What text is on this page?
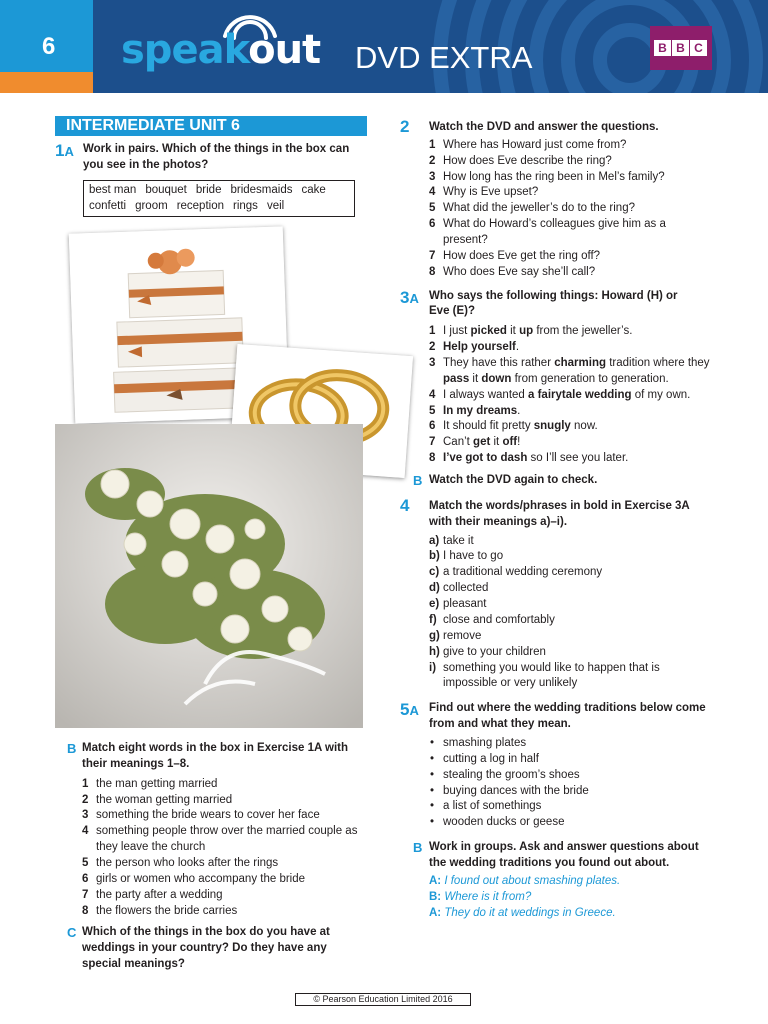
6	speakout DVD EXTRA	B B C
INTERMEDIATE UNIT 6
1A Work in pairs. Which of the things in the box can you see in the photos?
best man bouquet bride bridesmaids cake
confetti groom reception rings veil
B Match eight words in the box in Exercise 1A with their meanings 1–8.
1 the man getting married
2 the woman getting married
3 something the bride wears to cover her face
4 something people throw over the married couple as they leave the church
5 the person who looks after the rings
6 girls or women who accompany the bride
7 the party after a wedding
8 the flowers the bride carries
C Which of the things in the box do you have at weddings in your country? Do they have any special meanings?
2	Watch the DVD and answer the questions.
1 Where has Howard just come from?
2 How does Eve describe the ring?
3 How long has the ring been in Mel’s family?
4 Why is Eve upset?
5 What did the jeweller’s do to the ring?
6 What do Howard’s colleagues give him as a present?
7 How does Eve get the ring off?
8 Who does Eve say she’ll call?
3A Who says the following things: Howard (H) or Eve (E)?
1 I just picked it up from the jeweller’s.
2 Help yourself.
3 They have this rather charming tradition where they pass it down from generation to generation.
4 I always wanted a fairytale wedding of my own.
5 In my dreams.
6 It should fit pretty snugly now.
7 Can’t get it off!
8 I’ve got to dash so I’ll see you later.
B Watch the DVD again to check.
4	Match the words/phrases in bold in Exercise 3A with their meanings a)–i).
a) take it
b) I have to go
c) a traditional wedding ceremony
d) collected
e) pleasant
f) close and comfortably
g) remove
h) give to your children
i) something you would like to happen that is impossible or very unlikely
5A Find out where the wedding traditions below come from and what they mean.
• smashing plates
• cutting a log in half
• stealing the groom’s shoes
• buying dances with the bride
• a list of somethings
• wooden ducks or geese
B Work in groups. Ask and answer questions about the wedding traditions you found out about.
A: I found out about smashing plates.
B: Where is it from?
A: They do it at weddings in Greece.
© Pearson Education Limited 2016
